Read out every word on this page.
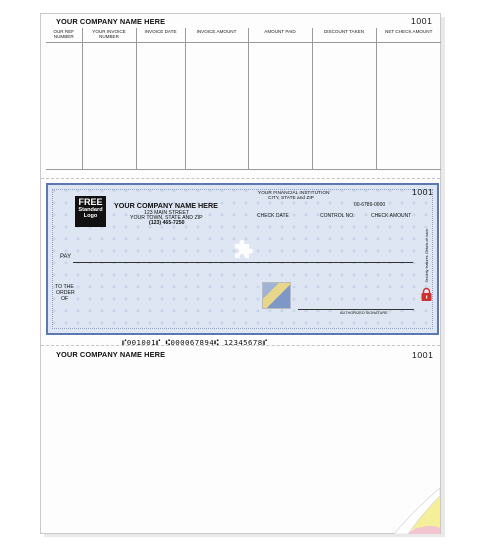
YOUR COMPANY NAME HERE	1001
OUR REF NUMBER	YOUR INVOICE NUMBER	INVOICE DATE	INVOICE AMOUNT	AMOUNT PAID	DISCOUNT TAKEN	NET CHECK AMOUNT

1001
FREE
Standard
Logo
YOUR COMPANY NAME HERE
123 MAIN STREET
YOUR TOWN, STATE AND ZIP
(123) 465-7250
YOUR FINANCIAL INSTITUTION
CITY, STATE and ZIP
00-6789-0000
CHECK DATE	CONTROL NO.	CHECK AMOUNT
PAY
TO THE
ORDER
OF
AUTHORIZED SIGNATURE
Security features. Details on back.
⑈001001⑈ ⑆000067894⑆ 12345678⑈
YOUR COMPANY NAME HERE	1001
